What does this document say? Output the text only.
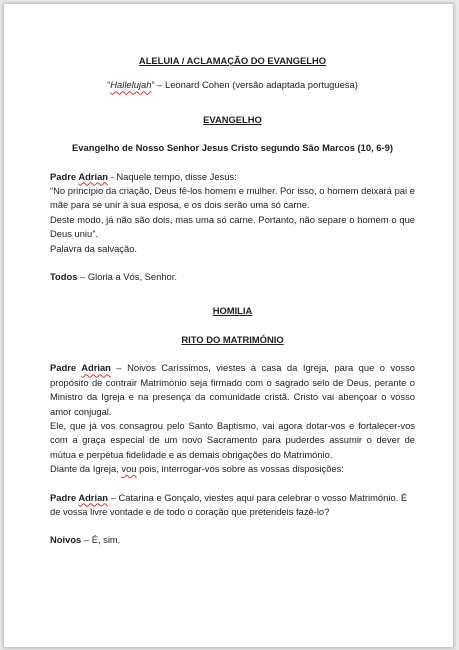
ALELUIA / ACLAMAÇÃO DO EVANGELHO

“Hallelujah” – Leonard Cohen (versão adaptada portuguesa)

EVANGELHO

Evangelho de Nosso Senhor Jesus Cristo segundo São Marcos (10, 6-9)

Padre Adrian - Naquele tempo, disse Jesus:

“No princípio da criação, Deus fê-los homem e mulher. Por isso, o homem deixará pai e mãe para se unir à sua esposa, e os dois serão uma só carne.

Deste modo, já não são dois, mas uma só carne. Portanto, não separe o homem o que Deus uniu”.

Palavra da salvação.

Todos – Gloria a Vós, Senhor.

HOMILIA

RITO DO MATRIMÓNIO

Padre Adrian – Noivos Caríssimos, viestes à casa da Igreja, para que o vosso propósito de contrair Matrimónio seja firmado com o sagrado selo de Deus, perante o Ministro da Igreja e na presença da comunidade cristã. Cristo vai abençoar o vosso amor conjugal.

Ele, que já vos consagrou pelo Santo Baptismo, vai agora dotar-vos e fortalecer-vos com a graça especial de um novo Sacramento para puderdes assumir o dever de mútua e perpétua fidelidade e as demais obrigações do Matrimónio.

Diante da Igreja, vou pois, interrogar-vos sobre as vossas disposições:

Padre Adrian – Catarina e Gonçalo, viestes aqui para celebrar o vosso Matrimónio. É de vossa livre vontade e de todo o coração que pretendeis fazê-lo?

Noivos – É, sim.
